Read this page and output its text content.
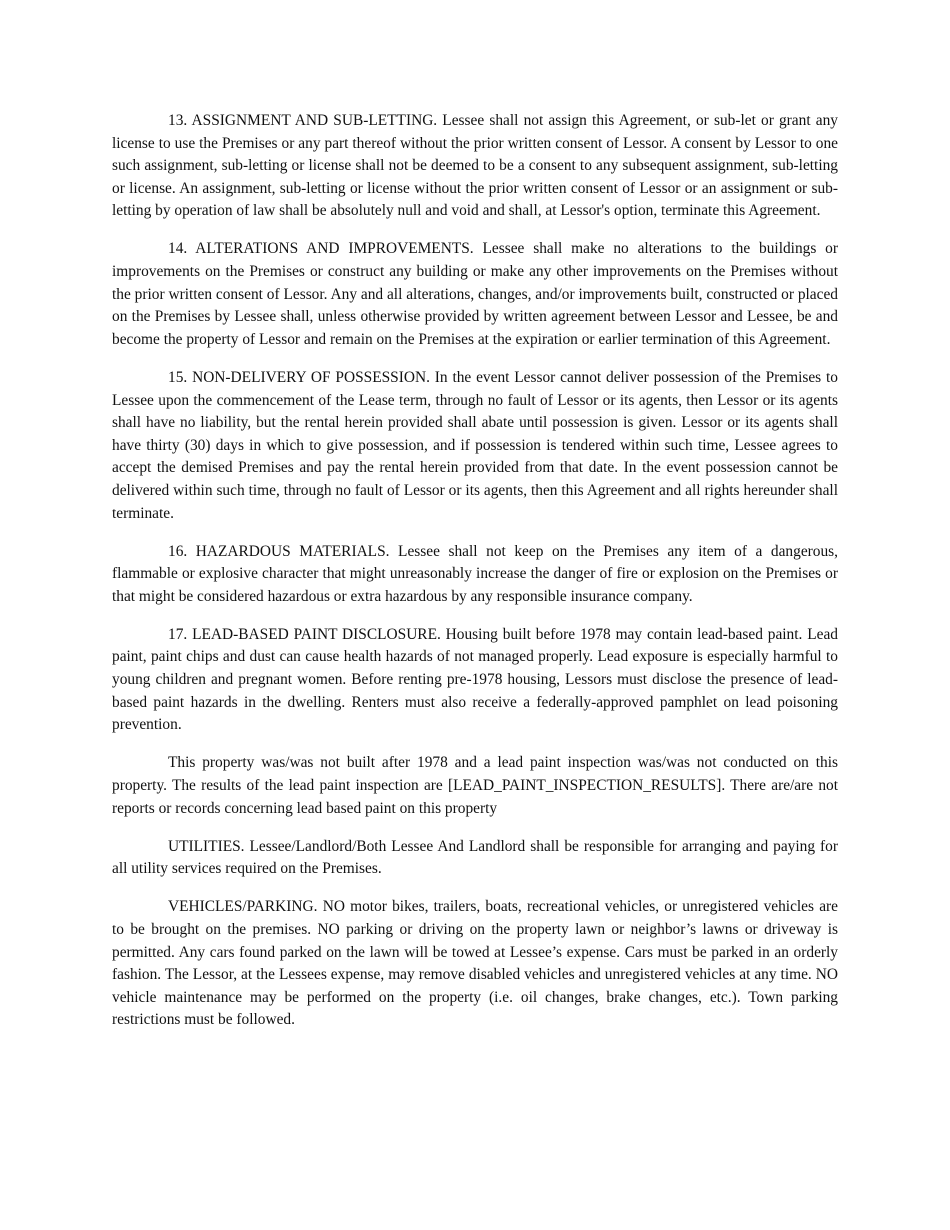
13. ASSIGNMENT AND SUB-LETTING. Lessee shall not assign this Agreement, or sub-let or grant any license to use the Premises or any part thereof without the prior written consent of Lessor. A consent by Lessor to one such assignment, sub-letting or license shall not be deemed to be a consent to any subsequent assignment, sub-letting or license. An assignment, sub-letting or license without the prior written consent of Lessor or an assignment or sub-letting by operation of law shall be absolutely null and void and shall, at Lessor's option, terminate this Agreement.

14. ALTERATIONS AND IMPROVEMENTS. Lessee shall make no alterations to the buildings or improvements on the Premises or construct any building or make any other improvements on the Premises without the prior written consent of Lessor. Any and all alterations, changes, and/or improvements built, constructed or placed on the Premises by Lessee shall, unless otherwise provided by written agreement between Lessor and Lessee, be and become the property of Lessor and remain on the Premises at the expiration or earlier termination of this Agreement.

15. NON-DELIVERY OF POSSESSION. In the event Lessor cannot deliver possession of the Premises to Lessee upon the commencement of the Lease term, through no fault of Lessor or its agents, then Lessor or its agents shall have no liability, but the rental herein provided shall abate until possession is given. Lessor or its agents shall have thirty (30) days in which to give possession, and if possession is tendered within such time, Lessee agrees to accept the demised Premises and pay the rental herein provided from that date. In the event possession cannot be delivered within such time, through no fault of Lessor or its agents, then this Agreement and all rights hereunder shall terminate.

16. HAZARDOUS MATERIALS. Lessee shall not keep on the Premises any item of a dangerous, flammable or explosive character that might unreasonably increase the danger of fire or explosion on the Premises or that might be considered hazardous or extra hazardous by any responsible insurance company.

17. LEAD-BASED PAINT DISCLOSURE. Housing built before 1978 may contain lead-based paint. Lead paint, paint chips and dust can cause health hazards of not managed properly. Lead exposure is especially harmful to young children and pregnant women. Before renting pre-1978 housing, Lessors must disclose the presence of lead-based paint hazards in the dwelling. Renters must also receive a federally-approved pamphlet on lead poisoning prevention.

This property was/was not built after 1978 and a lead paint inspection was/was not conducted on this property. The results of the lead paint inspection are [LEAD_PAINT_INSPECTION_RESULTS]. There are/are not reports or records concerning lead based paint on this property

UTILITIES. Lessee/Landlord/Both Lessee And Landlord shall be responsible for arranging and paying for all utility services required on the Premises.

VEHICLES/PARKING. NO motor bikes, trailers, boats, recreational vehicles, or unregistered vehicles are to be brought on the premises. NO parking or driving on the property lawn or neighbor’s lawns or driveway is permitted. Any cars found parked on the lawn will be towed at Lessee’s expense. Cars must be parked in an orderly fashion. The Lessor, at the Lessees expense, may remove disabled vehicles and unregistered vehicles at any time. NO vehicle maintenance may be performed on the property (i.e. oil changes, brake changes, etc.). Town parking restrictions must be followed.
